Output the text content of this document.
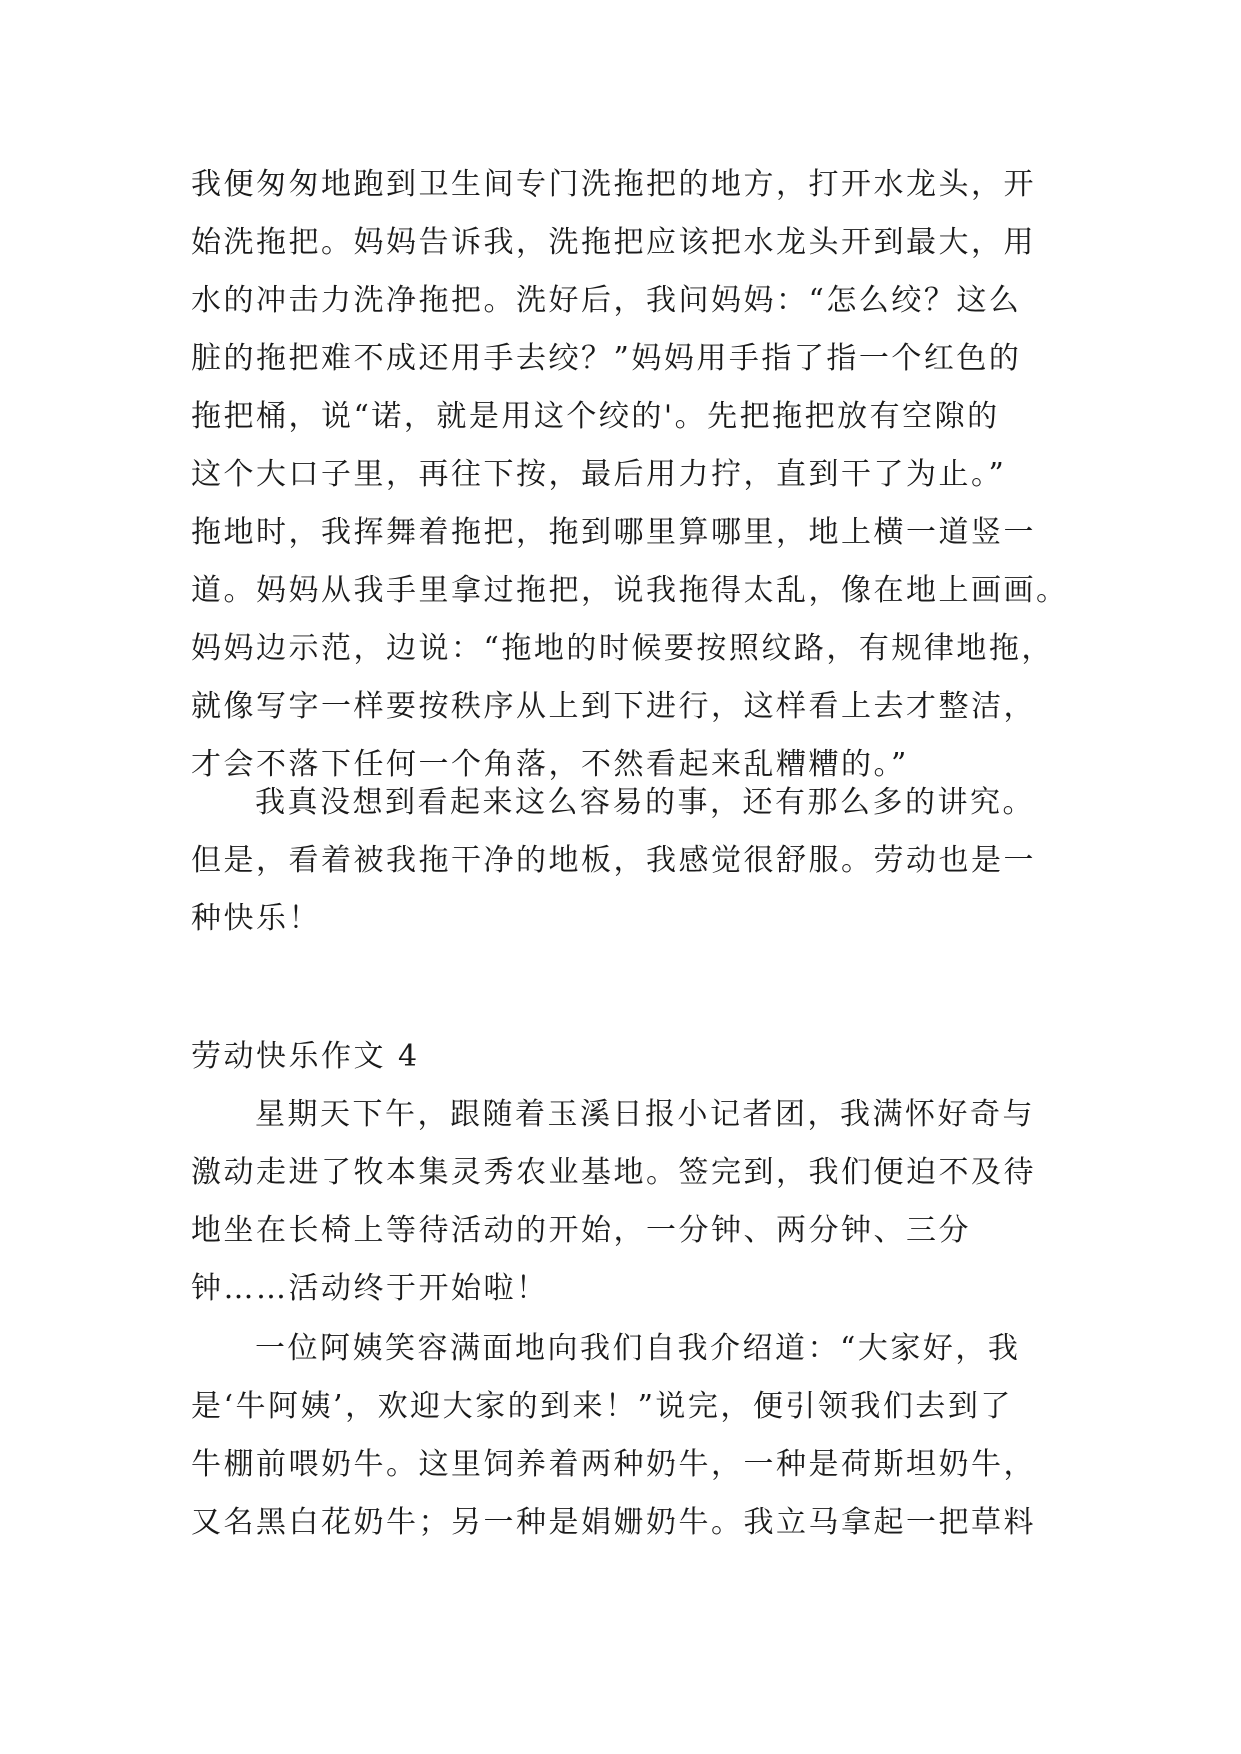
我便匆匆地跑到卫生间专门洗拖把的地方，打开水龙头，开
始洗拖把。妈妈告诉我，洗拖把应该把水龙头开到最大，用
水的冲击力洗净拖把。洗好后，我问妈妈：“怎么绞？这么
脏的拖把难不成还用手去绞？”妈妈用手指了指一个红色的
拖把桶，说“诺，就是用这个绞的'。先把拖把放有空隙的
这个大口子里，再往下按，最后用力拧，直到干了为止。”
拖地时，我挥舞着拖把，拖到哪里算哪里，地上横一道竖一
道。妈妈从我手里拿过拖把，说我拖得太乱，像在地上画画。
妈妈边示范，边说：“拖地的时候要按照纹路，有规律地拖，
就像写字一样要按秩序从上到下进行，这样看上去才整洁，
才会不落下任何一个角落，不然看起来乱糟糟的。”
我真没想到看起来这么容易的事，还有那么多的讲究。
但是，看着被我拖干净的地板，我感觉很舒服。劳动也是一
种快乐！
劳动快乐作文 4
星期天下午，跟随着玉溪日报小记者团，我满怀好奇与
激动走进了牧本集灵秀农业基地。签完到，我们便迫不及待
地坐在长椅上等待活动的开始，一分钟、两分钟、三分
钟……活动终于开始啦！
一位阿姨笑容满面地向我们自我介绍道：“大家好，我
是‘牛阿姨’，欢迎大家的到来！”说完，便引领我们去到了
牛棚前喂奶牛。这里饲养着两种奶牛，一种是荷斯坦奶牛，
又名黑白花奶牛；另一种是娟姗奶牛。我立马拿起一把草料
